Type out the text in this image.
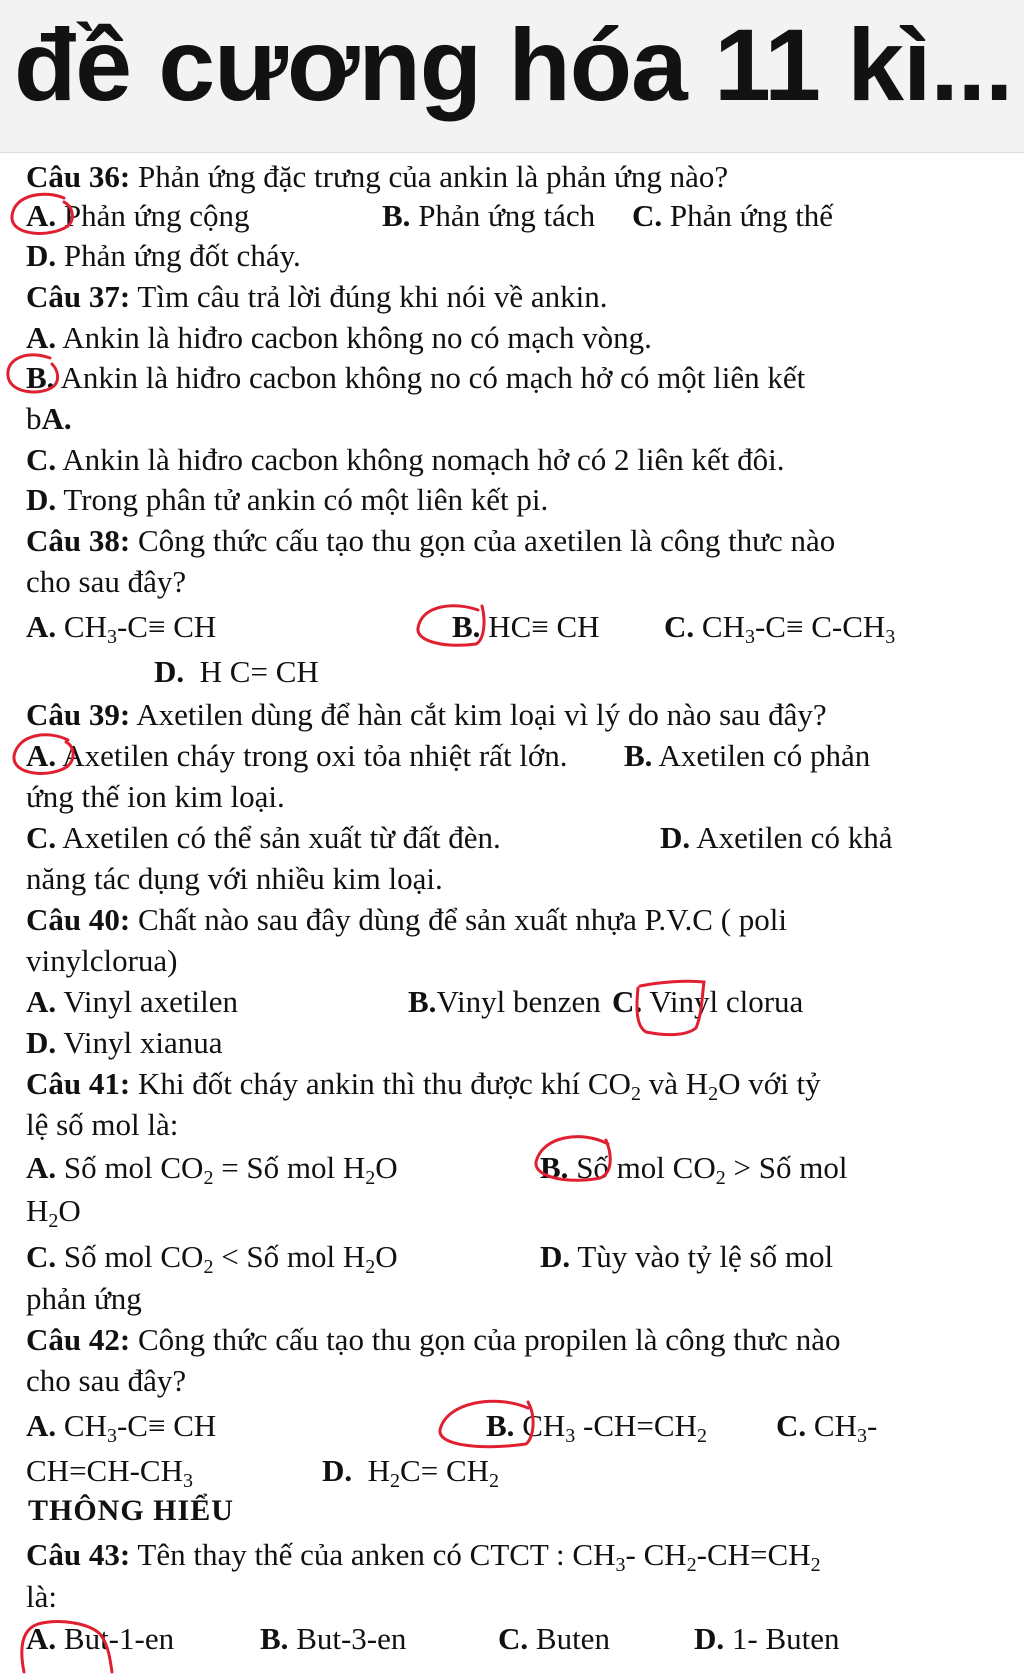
đề cương hóa 11 kì...
Câu 36: Phản ứng đặc trưng của ankin là phản ứng nào?
A. Phản ứng cộng	B. Phản ứng tách C. Phản ứng thế
D. Phản ứng đốt cháy.
Câu 37: Tìm câu trả lời đúng khi nói về ankin.
A. Ankin là hiđro cacbon không no có mạch vòng.
B. Ankin là hiđro cacbon không no có mạch hở có một liên kết
bA.
C. Ankin là hiđro cacbon không nomạch hở có 2 liên kết đôi.
D. Trong phân tử ankin có một liên kết pi.
Câu 38: Công thức cấu tạo thu gọn của axetilen là công thưc nào
cho sau đây?
A. $CH_3-C\equiv$ CH	B. HC≡ CH C. $CH_3-C\equiv C-CH_3$
D.  H C= CH
Câu 39: Axetilen dùng để hàn cắt kim loại vì lý do nào sau đây?
A. Axetilen cháy trong oxi tỏa nhiệt rất lớn. B. Axetilen có phản
ứng thế ion kim loại.
C. Axetilen có thể sản xuất từ đất đèn.	D. Axetilen có khả
năng tác dụng với nhiều kim loại.
Câu 40: Chất nào sau đây dùng để sản xuất nhựa P.V.C ( poli
vinylclorua)
A. Vinyl axetilen	B.Vinyl benzen C. Vinyl clorua
D. Vinyl xianua
Câu 41: Khi đốt cháy ankin thì thu được khí $CO_2$ và $H_2O$ với tỷ
lệ số mol là:
A. Số mol $CO_2$ = Số mol $H_2O$	B. Số mol $CO_2$ > Số mol
$H_2O$
C. Số mol $CO_2$ < Số mol $H_2O$	D. Tùy vào tỷ lệ số mol
phản ứng
Câu 42: Công thức cấu tạo thu gọn của propilen là công thưc nào
cho sau đây?
A. $CH_3-C\equiv$ CH	B. $CH_3$ $-CH=CH_2$ C. $CH_3-$
$CH=CH-CH_3$	D.  $H_2C= CH_2$
THÔNG HIỂU
Câu 43: Tên thay thế của anken có CTCT : $CH_3-$ $CH_2-CH=CH_2$
là:
A. But-1-en	B. But-3-en	C. Buten	D. 1- Buten
